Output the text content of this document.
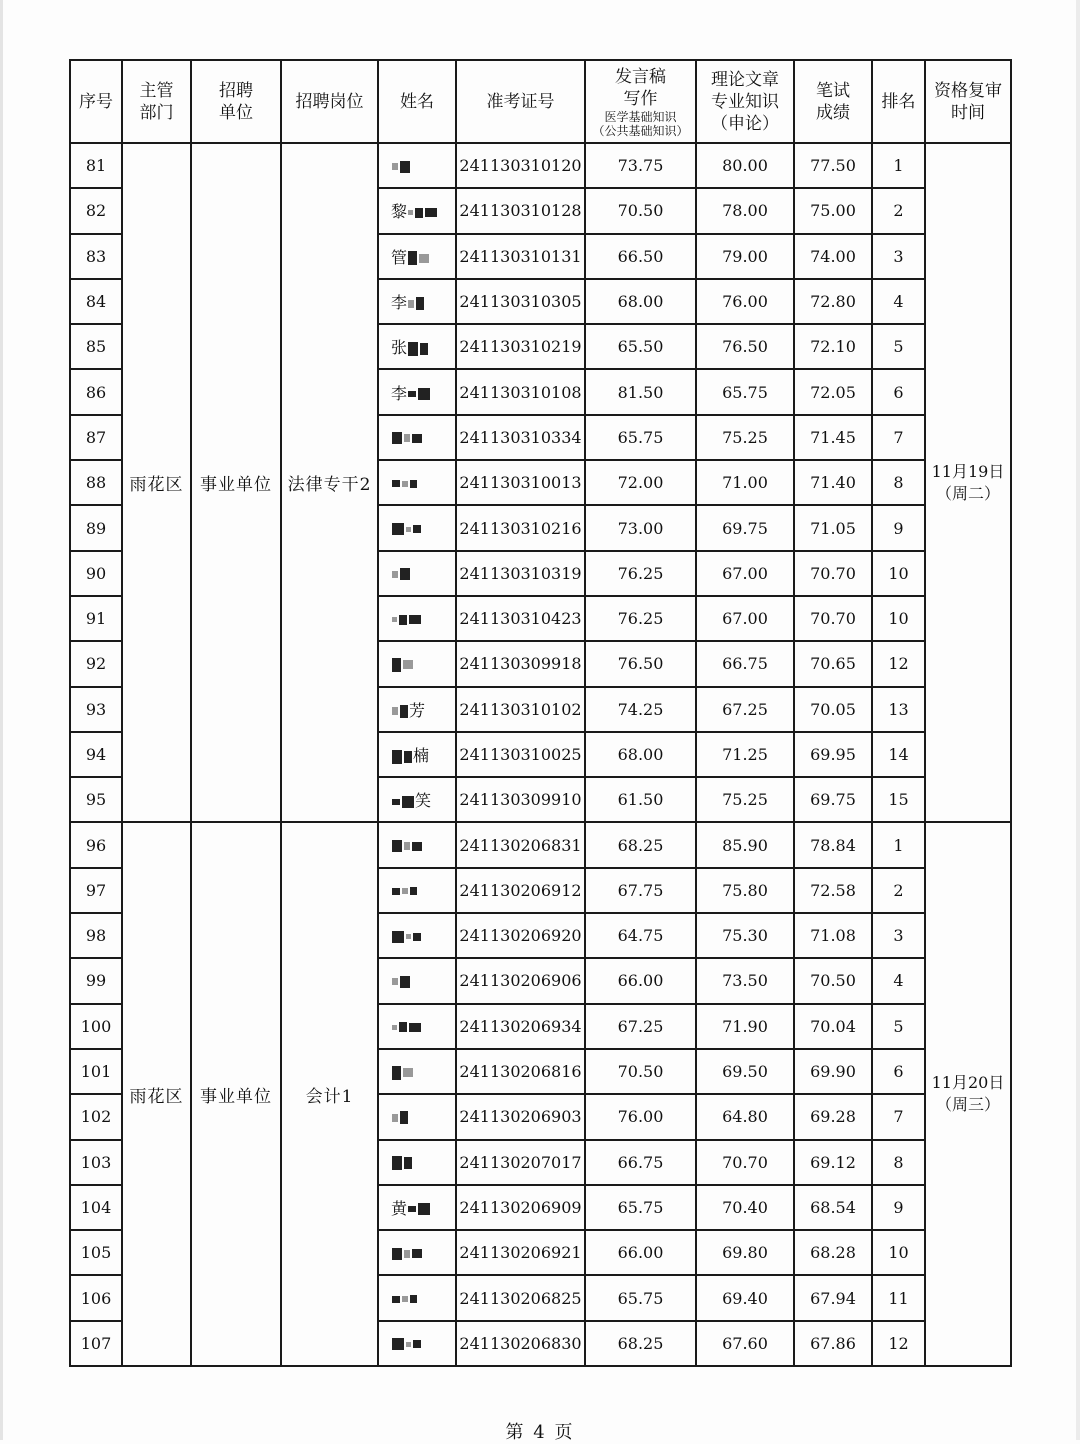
序号	主管部门	招聘单位	招聘岗位	姓名	准考证号	发言稿写作
医学基础知识
（公共基础知识）	理论文章专业知识（申论）	笔试成绩	排名	资格复审时间

81	雨花区	事业单位	法律专干2		241130310120	73.75	80.00	77.50	1	11月19日
（周二）

82				黎	241130310128	70.50	78.00	75.00	2	
83				管	241130310131	66.50	79.00	74.00	3	
84				李	241130310305	68.00	76.00	72.80	4	
85				张	241130310219	65.50	76.50	72.10	5	
86				李	241130310108	81.50	65.75	72.05	6	
87					241130310334	65.75	75.25	71.45	7	
88					241130310013	72.00	71.00	71.40	8	
89					241130310216	73.00	69.75	71.05	9	
90					241130310319	76.25	67.00	70.70	10	
91					241130310423	76.25	67.00	70.70	10	
92					241130309918	76.50	66.75	70.65	12	
93				芳	241130310102	74.25	67.25	70.05	13	
94				楠	241130310025	68.00	71.25	69.95	14	
95				笑	241130309910	61.50	75.25	69.75	15	
96	雨花区	事业单位	会计1		241130206831	68.25	85.90	78.84	1	11月20日
（周三）

97					241130206912	67.75	75.80	72.58	2	
98					241130206920	64.75	75.30	71.08	3	
99					241130206906	66.00	73.50	70.50	4	
100					241130206934	67.25	71.90	70.04	5	
101					241130206816	70.50	69.50	69.90	6	
102					241130206903	76.00	64.80	69.28	7	
103					241130207017	66.75	70.70	69.12	8	
104				黄	241130206909	65.75	70.40	68.54	9	
105					241130206921	66.00	69.80	68.28	10	
106					241130206825	65.75	69.40	67.94	11	
107					241130206830	68.25	67.60	67.86	12	
第 4 页
